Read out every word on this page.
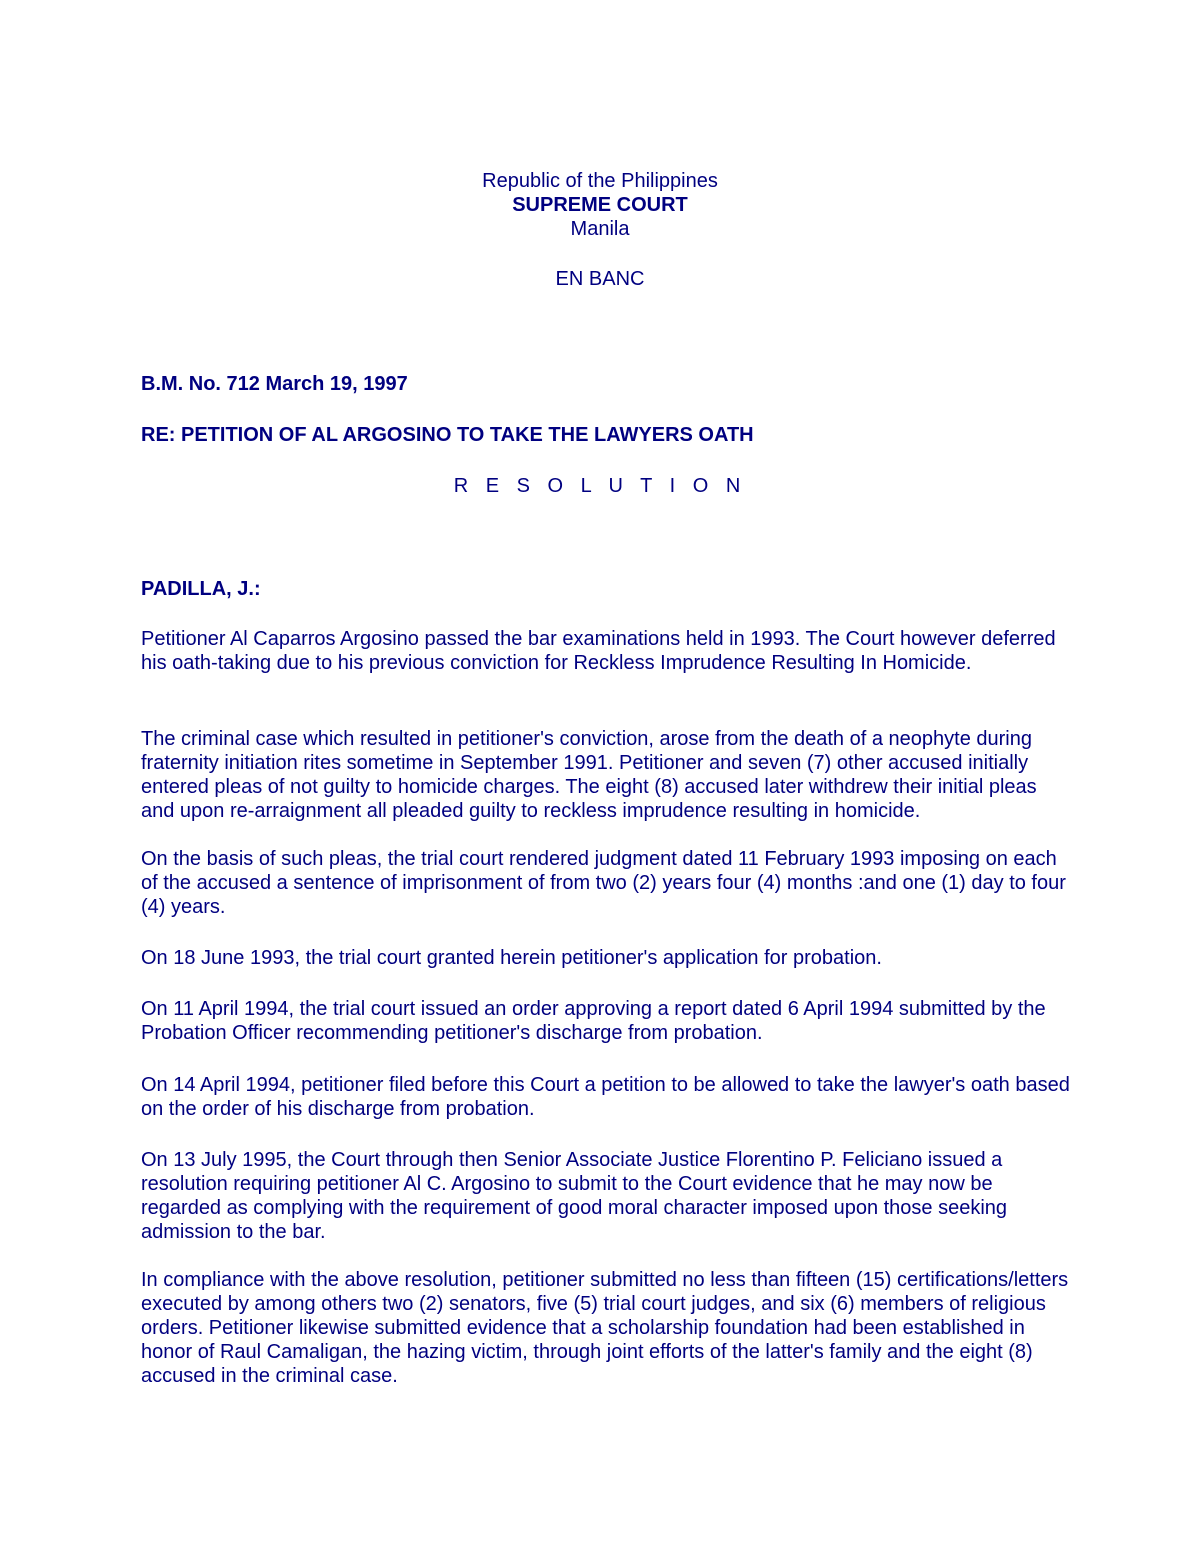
Republic of the Philippines

SUPREME COURT

Manila

EN BANC

B.M. No. 712 March 19, 1997

RE: PETITION OF AL ARGOSINO TO TAKE THE LAWYERS OATH

R E S O L U T I O N

PADILLA, J.:

Petitioner Al Caparros Argosino passed the bar examinations held in 1993. The Court however deferred his oath-taking due to his previous conviction for Reckless Imprudence Resulting In Homicide.

The criminal case which resulted in petitioner's conviction, arose from the death of a neophyte during fraternity initiation rites sometime in September 1991. Petitioner and seven (7) other accused initially entered pleas of not guilty to homicide charges. The eight (8) accused later withdrew their initial pleas and upon re-arraignment all pleaded guilty to reckless imprudence resulting in homicide.

On the basis of such pleas, the trial court rendered judgment dated 11 February 1993 imposing on each of the accused a sentence of imprisonment of from two (2) years four (4) months :and one (1) day to four (4) years.

On 18 June 1993, the trial court granted herein petitioner's application for probation.

On 11 April 1994, the trial court issued an order approving a report dated 6 April 1994 submitted by the Probation Officer recommending petitioner's discharge from probation.

On 14 April 1994, petitioner filed before this Court a petition to be allowed to take the lawyer's oath based on the order of his discharge from probation.

On 13 July 1995, the Court through then Senior Associate Justice Florentino P. Feliciano issued a resolution requiring petitioner Al C. Argosino to submit to the Court evidence that he may now be regarded as complying with the requirement of good moral character imposed upon those seeking admission to the bar.

In compliance with the above resolution, petitioner submitted no less than fifteen (15) certifications/letters executed by among others two (2) senators, five (5) trial court judges, and six (6) members of religious orders. Petitioner likewise submitted evidence that a scholarship foundation had been established in honor of Raul Camaligan, the hazing victim, through joint efforts of the latter's family and the eight (8) accused in the criminal case.
